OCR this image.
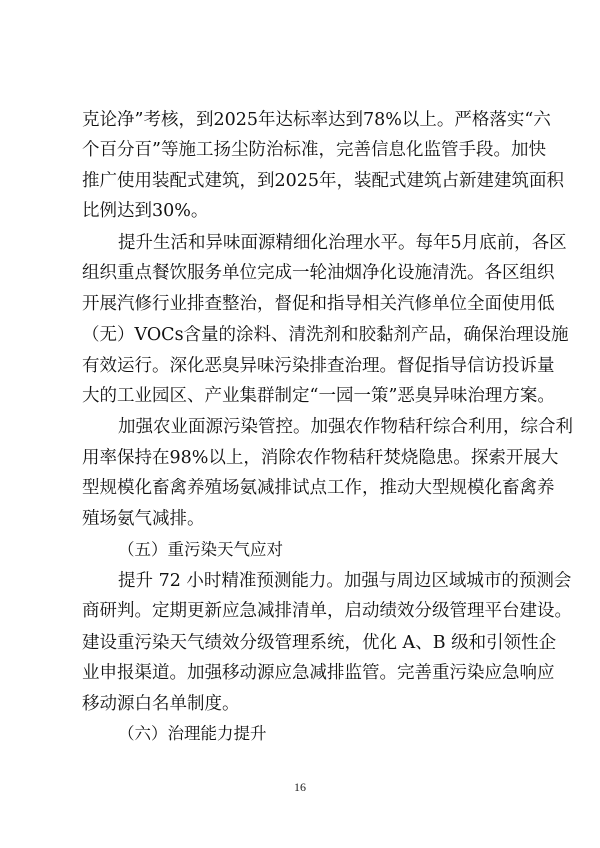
克论净”考核，到2025年达标率达到78%以上。严格落实“六
个百分百”等施工扬尘防治标准，完善信息化监管手段。加快
推广使用装配式建筑，到2025年，装配式建筑占新建建筑面积
比例达到30%。
提升生活和异味面源精细化治理水平。每年5月底前，各区
组织重点餐饮服务单位完成一轮油烟净化设施清洗。各区组织
开展汽修行业排查整治，督促和指导相关汽修单位全面使用低
（无）VOCs含量的涂料、清洗剂和胶黏剂产品，确保治理设施
有效运行。深化恶臭异味污染排查治理。督促指导信访投诉量
大的工业园区、产业集群制定“一园一策”恶臭异味治理方案。
加强农业面源污染管控。加强农作物秸秆综合利用，综合利
用率保持在98%以上，消除农作物秸秆焚烧隐患。探索开展大
型规模化畜禽养殖场氨减排试点工作，推动大型规模化畜禽养
殖场氨气减排。
（五）重污染天气应对
提升 72 小时精准预测能力。加强与周边区域城市的预测会
商研判。定期更新应急减排清单，启动绩效分级管理平台建设。
建设重污染天气绩效分级管理系统，优化 A、B 级和引领性企
业申报渠道。加强移动源应急减排监管。完善重污染应急响应
移动源白名单制度。
（六）治理能力提升
16
